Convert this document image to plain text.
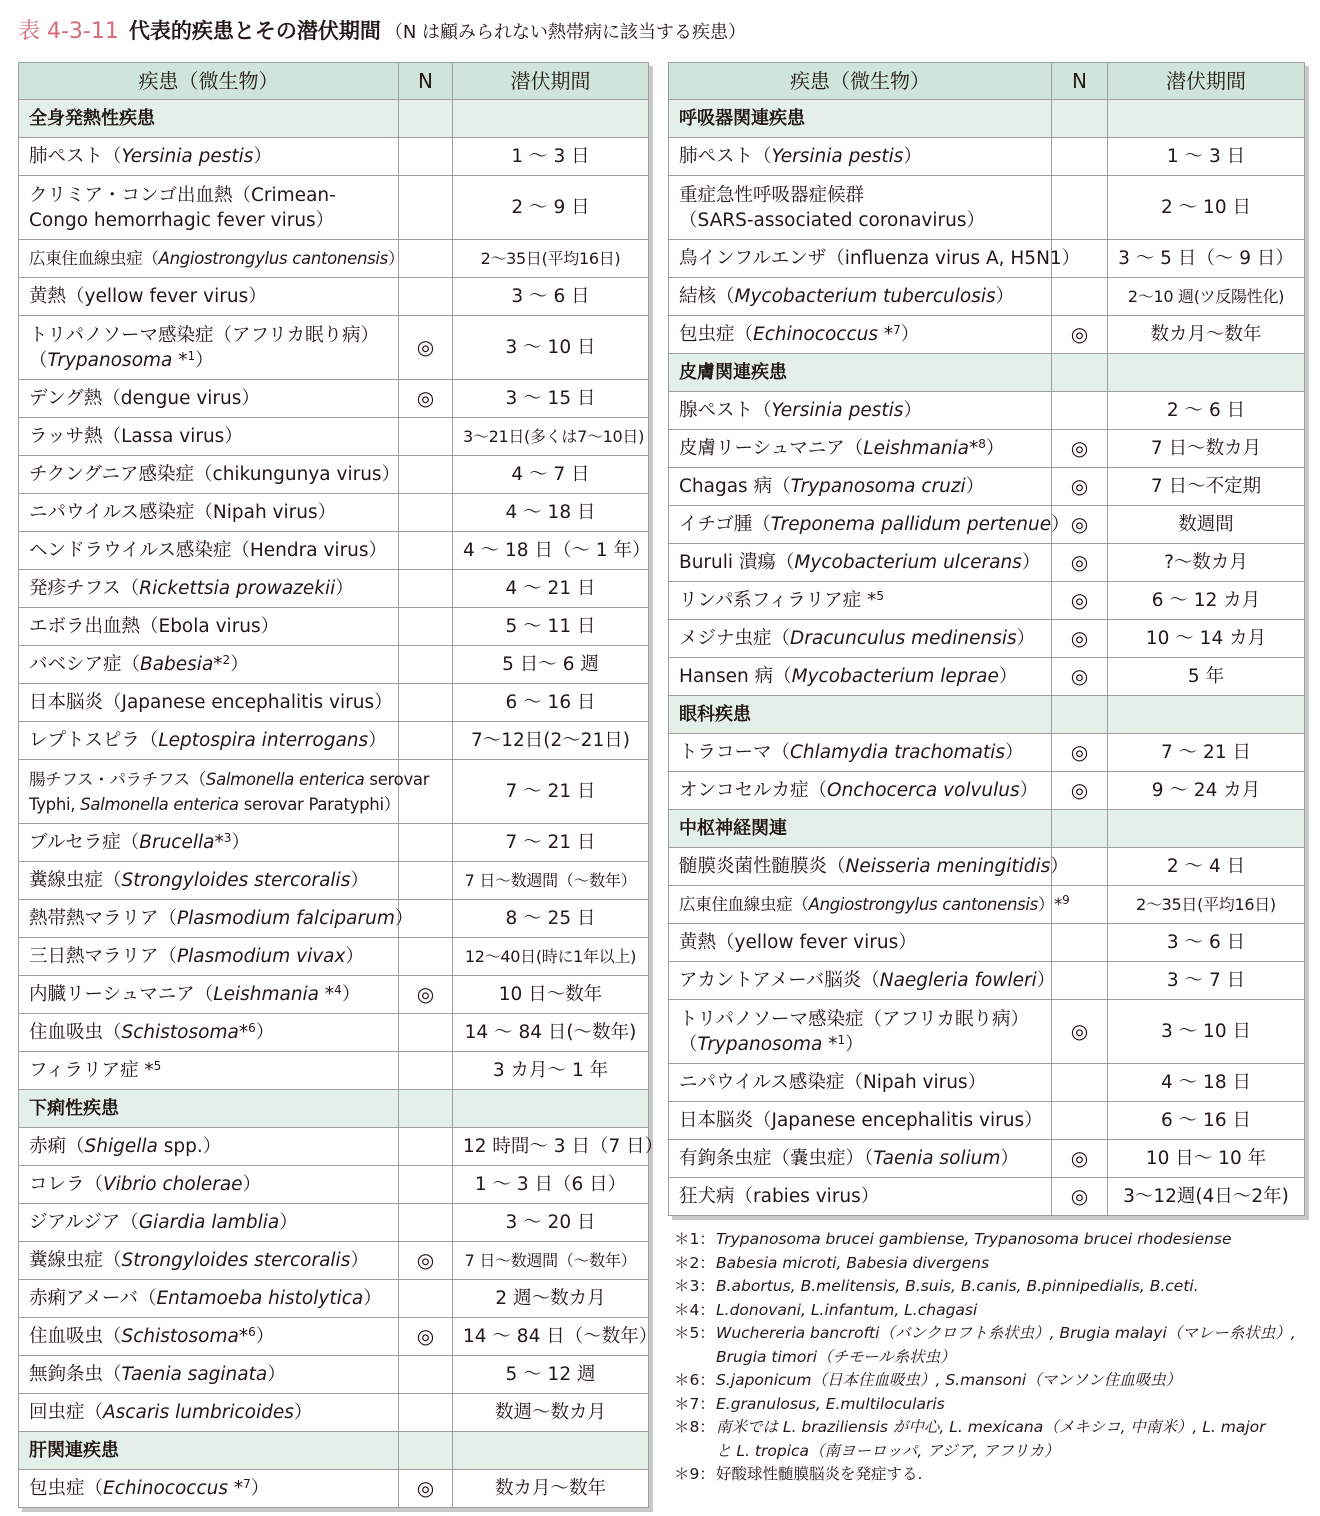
表 4-3-11 代表的疾患とその潜伏期間 （N は顧みられない熱帯病に該当する疾患）
疾患（微生物）	N	潜伏期間
全身発熱性疾患		
肺ペスト（Yersinia pestis）		1 ～ 3 日
クリミア・コンゴ出血熱（Crimean-
Congo hemorrhagic fever virus）		2 ～ 9 日
広東住血線虫症（Angiostrongylus cantonensis）		2～35日(平均16日)
黄熱（yellow fever virus）		3 ～ 6 日
トリパノソーマ感染症（アフリカ眠り病）
（Trypanosoma *$^1$）	◎	3 ～ 10 日
デング熱（dengue virus）	◎	3 ～ 15 日
ラッサ熱（Lassa virus）		3～21日(多くは7～10日)
チクングニア感染症（chikungunya virus）		4 ～ 7 日
ニパウイルス感染症（Nipah virus）		4 ～ 18 日
ヘンドラウイルス感染症（Hendra virus）		4 ～ 18 日（～ 1 年）
発疹チフス（Rickettsia prowazekii）		4 ～ 21 日
エボラ出血熱（Ebola virus）		5 ～ 11 日
バベシア症（Babesia*$^2$）		5 日～ 6 週
日本脳炎（Japanese encephalitis virus）		6 ～ 16 日
レプトスピラ（Leptospira interrogans）		7～12日(2～21日)
腸チフス・パラチフス（Salmonella enterica serovar
Typhi, Salmonella enterica serovar Paratyphi）		7 ～ 21 日
ブルセラ症（Brucella*$^3$）		7 ～ 21 日
糞線虫症（Strongyloides stercoralis）		7 日～数週間（～数年）
熱帯熱マラリア（Plasmodium falciparum）		8 ～ 25 日
三日熱マラリア（Plasmodium vivax）		12～40日(時に1年以上)
内臓リーシュマニア（Leishmania *$^4$）	◎	10 日～数年
住血吸虫（Schistosoma*$^6$）		14 ～ 84 日(～数年)
フィラリア症 *$^5$		3 カ月～ 1 年
下痢性疾患		
赤痢（Shigella spp.）		12 時間～ 3 日（7 日）
コレラ（Vibrio cholerae）		1 ～ 3 日（6 日）
ジアルジア（Giardia lamblia）		3 ～ 20 日
糞線虫症（Strongyloides stercoralis）	◎	7 日～数週間（～数年）
赤痢アメーバ（Entamoeba histolytica）		2 週～数カ月
住血吸虫（Schistosoma*$^6$）	◎	14 ～ 84 日（～数年）
無鉤条虫（Taenia saginata）		5 ～ 12 週
回虫症（Ascaris lumbricoides）		数週～数カ月
肝関連疾患		
包虫症（Echinococcus *$^7$）	◎	数カ月～数年
疾患（微生物）	N	潜伏期間
呼吸器関連疾患		
肺ペスト（Yersinia pestis）		1 ～ 3 日
重症急性呼吸器症候群
（SARS-associated coronavirus）		2 ～ 10 日
鳥インフルエンザ（influenza virus A, H5N1）		3 ～ 5 日（～ 9 日）
結核（Mycobacterium tuberculosis）		2～10 週(ツ反陽性化)
包虫症（Echinococcus *$^7$）	◎	数カ月～数年
皮膚関連疾患		
腺ペスト（Yersinia pestis）		2 ～ 6 日
皮膚リーシュマニア（Leishmania*$^8$）	◎	7 日～数カ月
Chagas 病（Trypanosoma cruzi）	◎	7 日～不定期
イチゴ腫（Treponema pallidum pertenue）	◎	数週間
Buruli 潰瘍（Mycobacterium ulcerans）	◎	?～数カ月
リンパ系フィラリア症 *$^5$	◎	6 ～ 12 カ月
メジナ虫症（Dracunculus medinensis）	◎	10 ～ 14 カ月
Hansen 病（Mycobacterium leprae）	◎	5 年
眼科疾患		
トラコーマ（Chlamydia trachomatis）	◎	7 ～ 21 日
オンコセルカ症（Onchocerca volvulus）	◎	9 ～ 24 カ月
中枢神経関連		
髄膜炎菌性髄膜炎（Neisseria meningitidis）		2 ～ 4 日
広東住血線虫症（Angiostrongylus cantonensis）*$^9$		2～35日(平均16日)
黄熱（yellow fever virus）		3 ～ 6 日
アカントアメーバ脳炎（Naegleria fowleri）		3 ～ 7 日
トリパノソーマ感染症（アフリカ眠り病）
（Trypanosoma *$^1$）	◎	3 ～ 10 日
ニパウイルス感染症（Nipah virus）		4 ～ 18 日
日本脳炎（Japanese encephalitis virus）		6 ～ 16 日
有鉤条虫症（嚢虫症）（Taenia solium）	◎	10 日～ 10 年
狂犬病（rabies virus）	◎	3～12週(4日～2年)
＊1： Trypanosoma brucei gambiense, Trypanosoma brucei rhodesiense
＊2： Babesia microti, Babesia divergens
＊3： B.abortus, B.melitensis, B.suis, B.canis, B.pinnipedialis, B.ceti.
＊4： L.donovani, L.infantum, L.chagasi
＊5： Wuchereria bancrofti（バンクロフト糸状虫）, Brugia malayi（マレー糸状虫）,
Brugia timori（チモール糸状虫）
＊6： S.japonicum（日本住血吸虫）, S.mansoni（マンソン住血吸虫）
＊7： E.granulosus, E.multilocularis
＊8： 南米では L. braziliensis が中心, L. mexicana（メキシコ, 中南米）, L. major
と L. tropica（南ヨーロッパ, アジア, アフリカ）
＊9： 好酸球性髄膜脳炎を発症する.
